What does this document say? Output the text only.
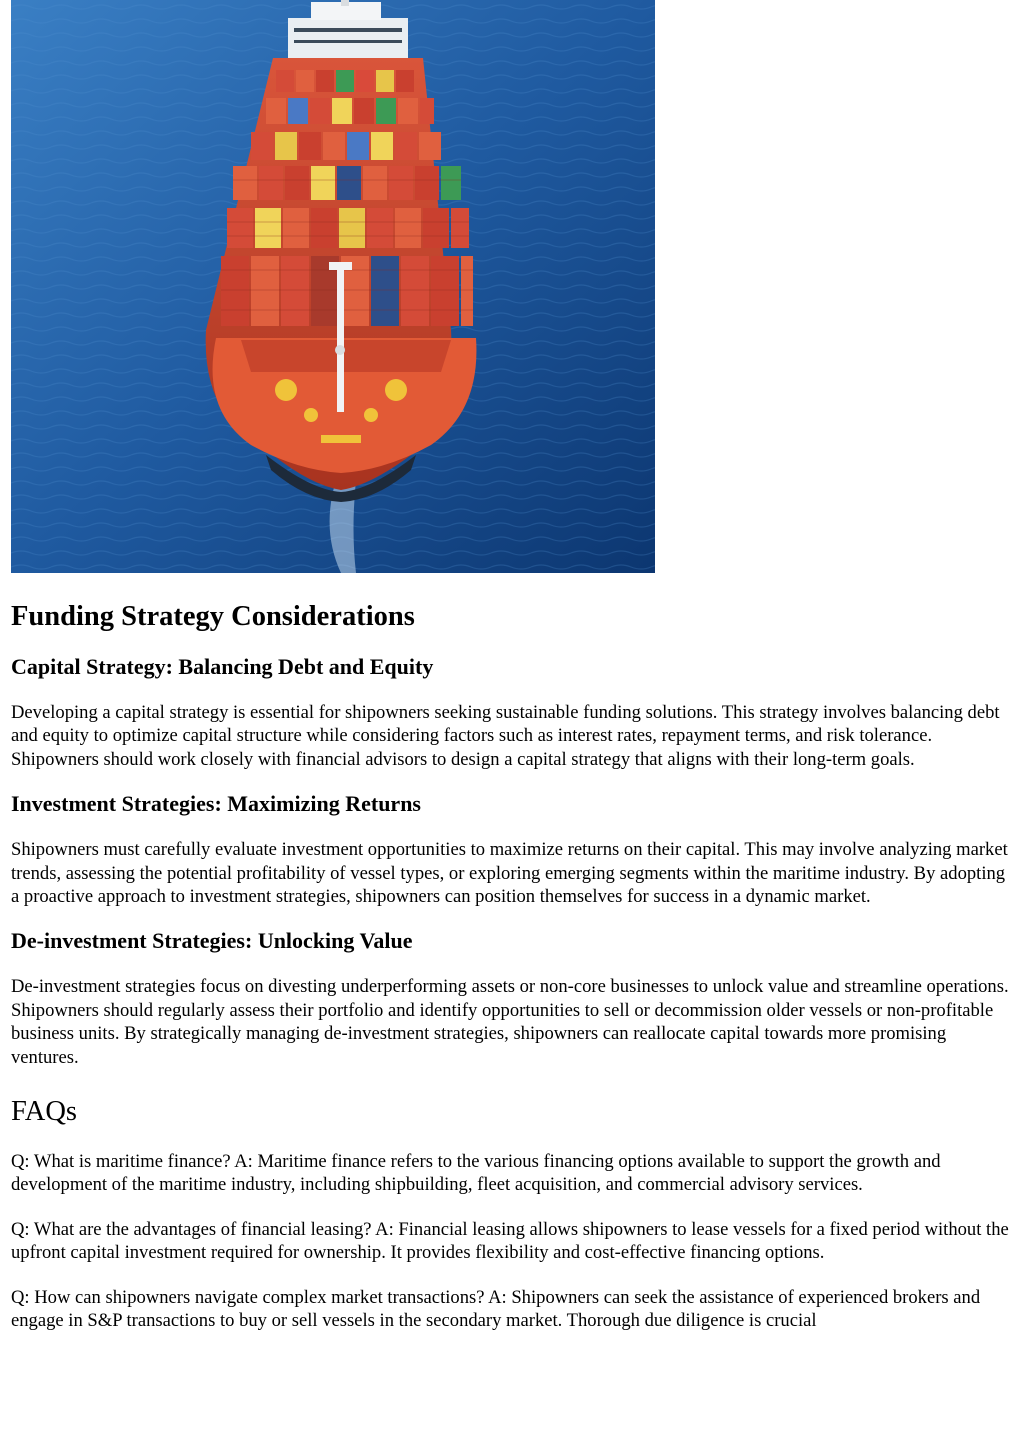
Funding Strategy Considerations
Capital Strategy: Balancing Debt and Equity

Developing a capital strategy is essential for shipowners seeking sustainable funding solutions. This strategy involves balancing debt and equity to optimize capital structure while considering factors such as interest rates, repayment terms, and risk tolerance. Shipowners should work closely with financial advisors to design a capital strategy that aligns with their long-term goals.

Investment Strategies: Maximizing Returns

Shipowners must carefully evaluate investment opportunities to maximize returns on their capital. This may involve analyzing market trends, assessing the potential profitability of vessel types, or exploring emerging segments within the maritime industry. By adopting a proactive approach to investment strategies, shipowners can position themselves for success in a dynamic market.

De-investment Strategies: Unlocking Value

De-investment strategies focus on divesting underperforming assets or non-core businesses to unlock value and streamline operations. Shipowners should regularly assess their portfolio and identify opportunities to sell or decommission older vessels or non-profitable business units. By strategically managing de-investment strategies, shipowners can reallocate capital towards more promising ventures.

FAQs

Q: What is maritime finance? A: Maritime finance refers to the various financing options available to support the growth and development of the maritime industry, including shipbuilding, fleet acquisition, and commercial advisory services.

Q: What are the advantages of financial leasing? A: Financial leasing allows shipowners to lease vessels for a fixed period without the upfront capital investment required for ownership. It provides flexibility and cost-effective financing options.

Q: How can shipowners navigate complex market transactions? A: Shipowners can seek the assistance of experienced brokers and engage in S&P transactions to buy or sell vessels in the secondary market. Thorough due diligence is crucial
